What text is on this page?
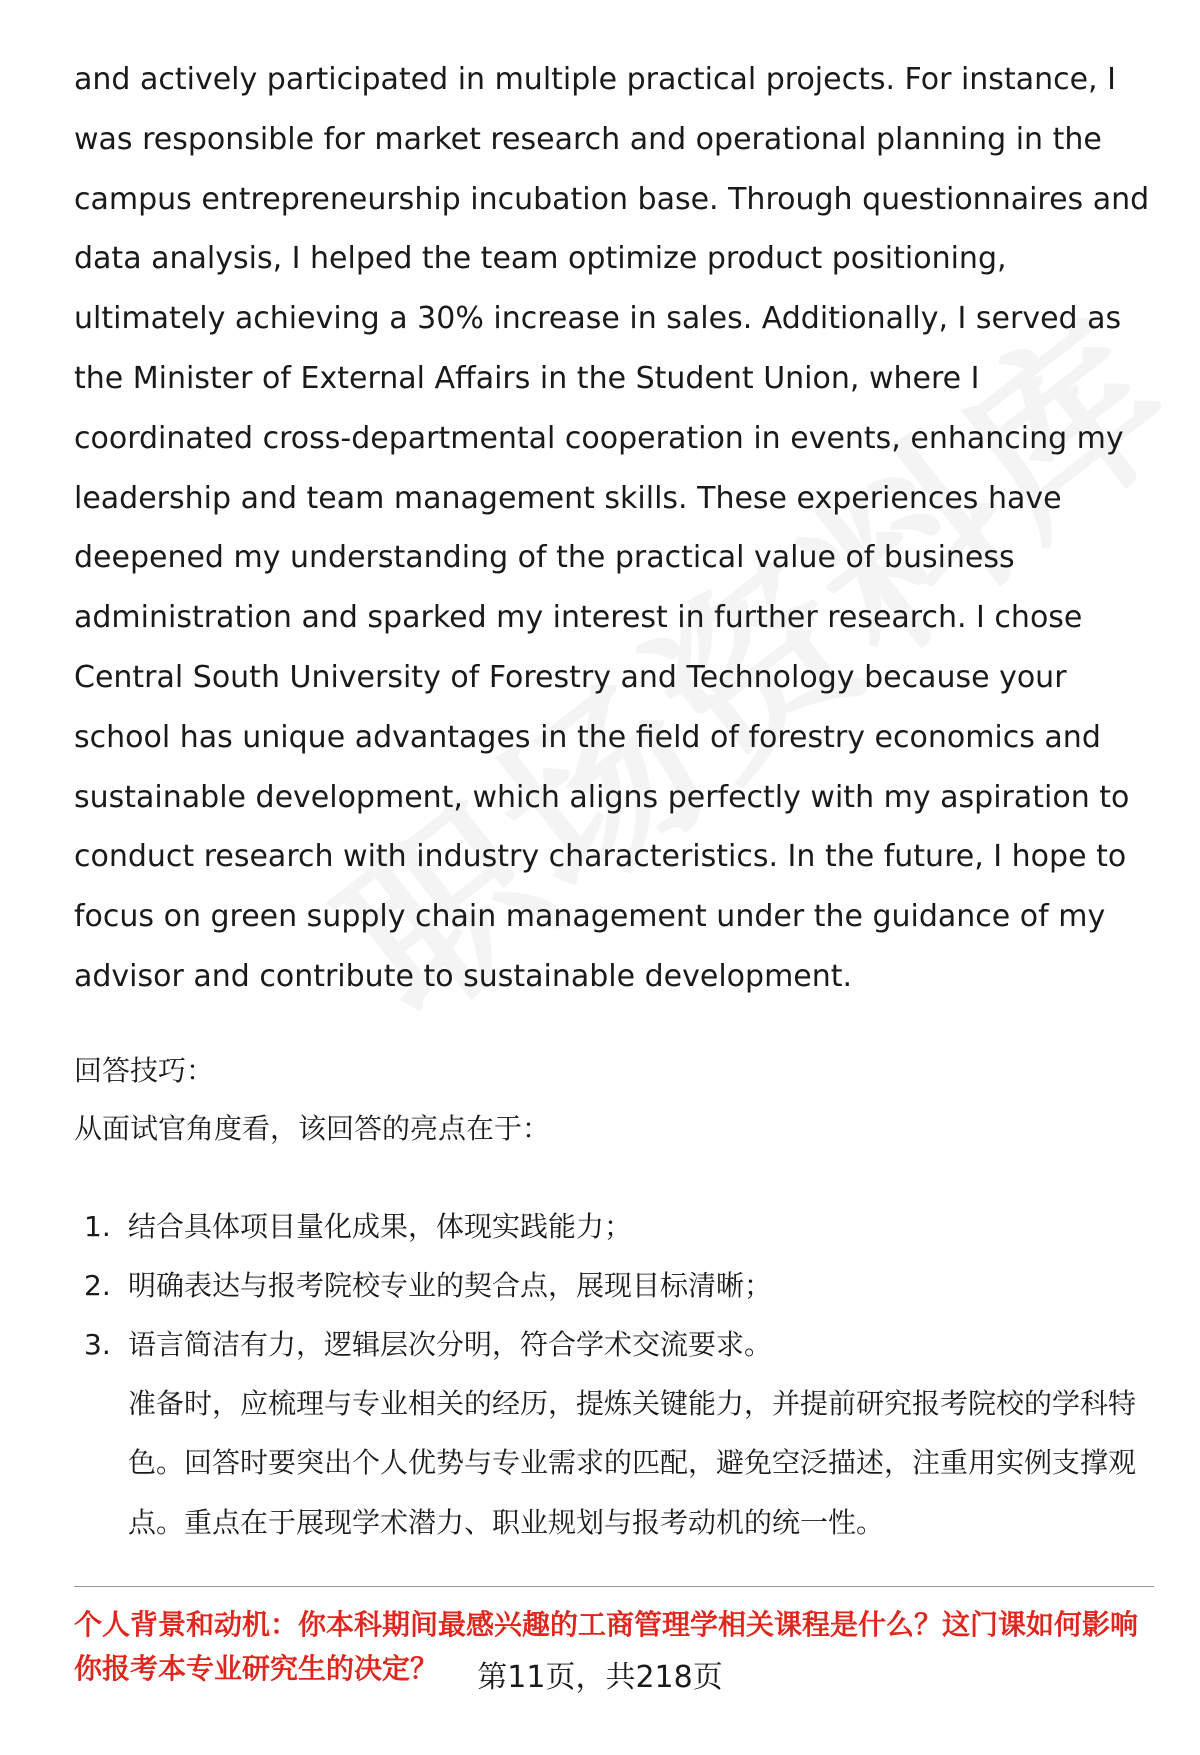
and actively participated in multiple practical projects. For instance, I was responsible for market research and operational planning in the campus entrepreneurship incubation base. Through questionnaires and data analysis, I helped the team optimize product positioning, ultimately achieving a 30% increase in sales. Additionally, I served as the Minister of External Affairs in the Student Union, where I coordinated cross-departmental cooperation in events, enhancing my leadership and team management skills. These experiences have deepened my understanding of the practical value of business administration and sparked my interest in further research. I chose Central South University of Forestry and Technology because your school has unique advantages in the field of forestry economics and sustainable development, which aligns perfectly with my aspiration to conduct research with industry characteristics. In the future, I hope to focus on green supply chain management under the guidance of my advisor and contribute to sustainable development.

回答技巧：

从面试官角度看，该回答的亮点在于：

1. 结合具体项目量化成果，体现实践能力；
2. 明确表达与报考院校专业的契合点，展现目标清晰；
3. 语言简洁有力，逻辑层次分明，符合学术交流要求。

准备时，应梳理与专业相关的经历，提炼关键能力，并提前研究报考院校的学科特色。回答时要突出个人优势与专业需求的匹配，避免空泛描述，注重用实例支撑观点。重点在于展现学术潜力、职业规划与报考动机的统一性。

个人背景和动机：你本科期间最感兴趣的工商管理学相关课程是什么？这门课如何影响你报考本专业研究生的决定？	第11页，共218页
